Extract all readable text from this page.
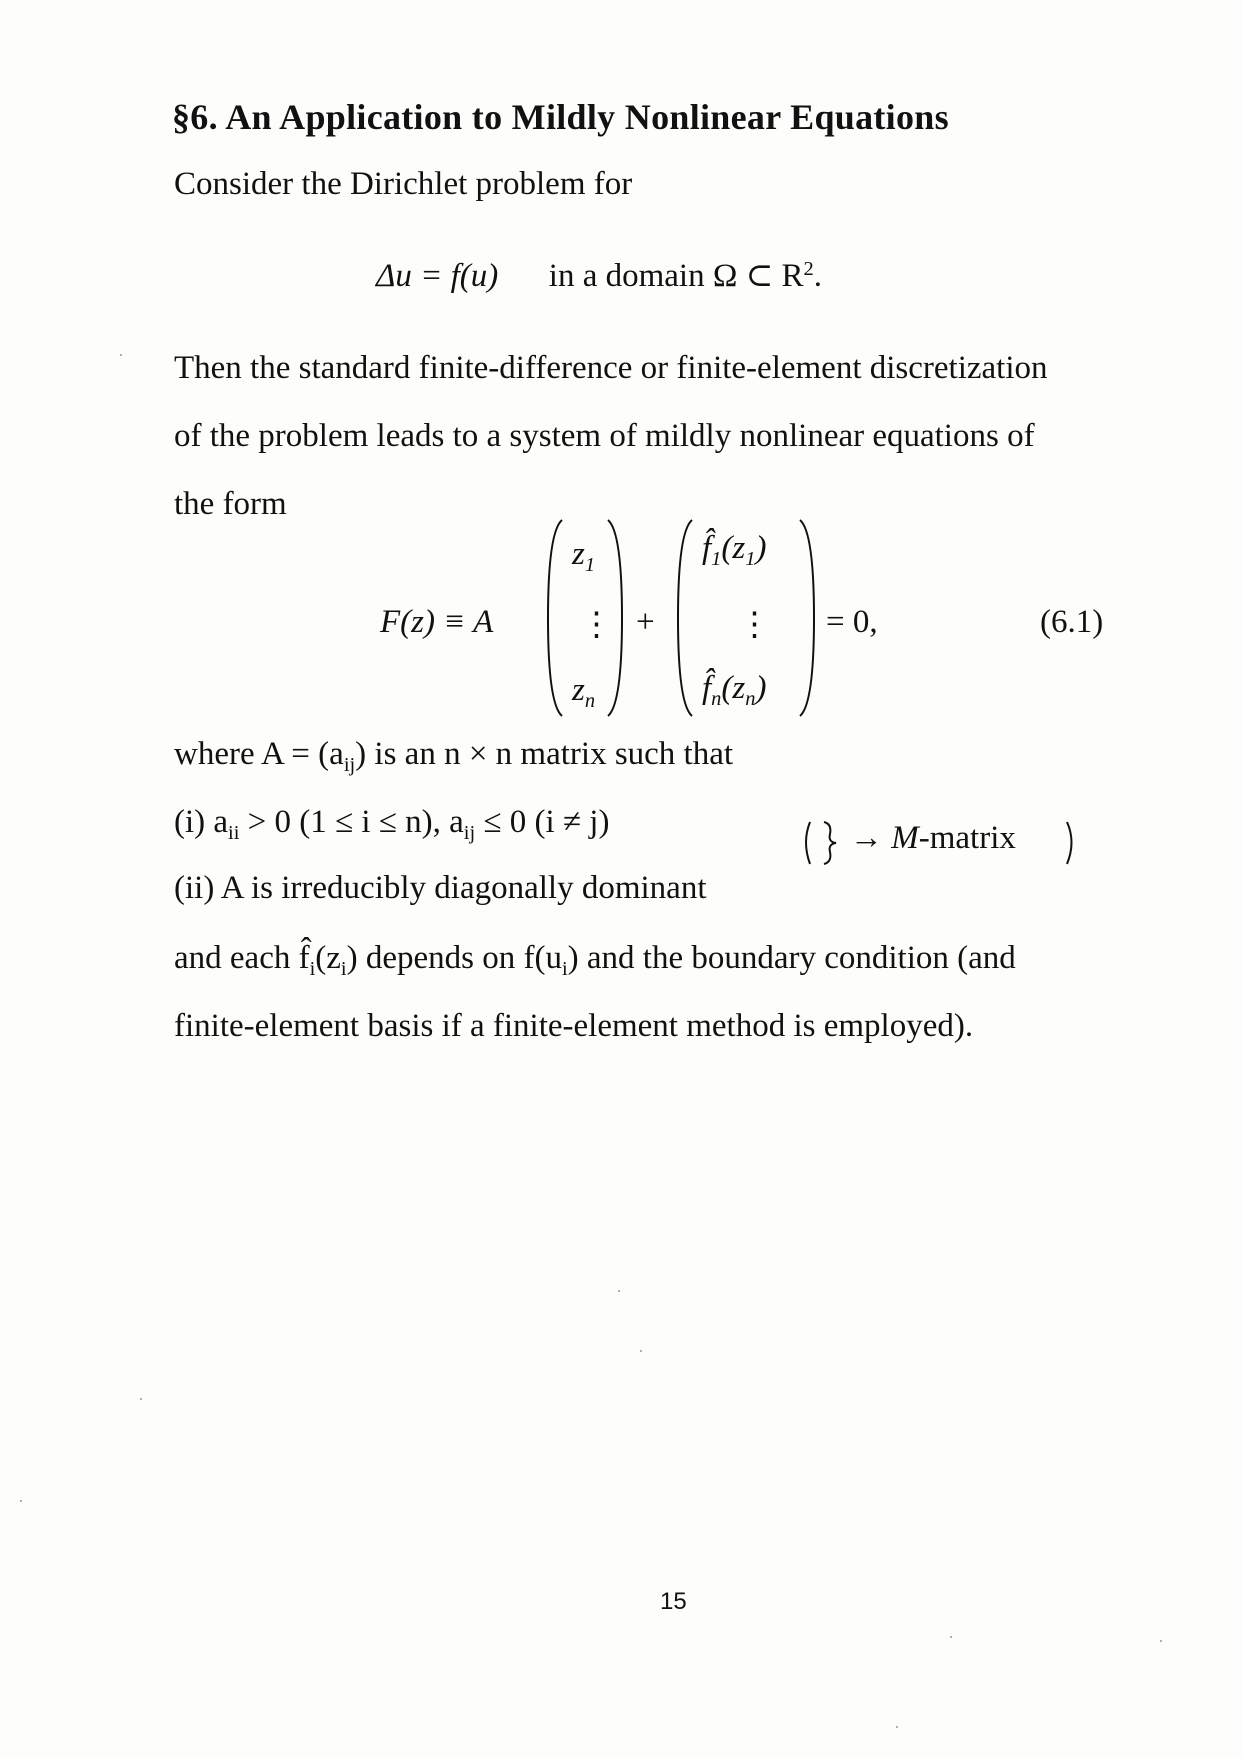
§6. An Application to Mildly Nonlinear Equations
Consider the Dirichlet problem for
Δu = f(u) in a domain Ω ⊂ $R^2$.
Then the standard finite-difference or finite-element discretization
of the problem leads to a system of mildly nonlinear equations of
the form
F(z) ≡ A
$z_1$
⋮
$z_n$
+
$f̂_1(z_1)$
⋮
$f̂_n(z_n)$
= 0,	(6.1)
where $A = (a_{ij})$ is an n × n matrix such that
(i) $a_{ii} > 0$ (1 ≤ i ≤ n), $a_{ij} \le 0$ (i ≠ j)
(ii) A is irreducibly diagonally dominant
→ M-matrix
and each $f̂_i(z_i)$ depends on $f(u_i)$ and the boundary condition (and
finite-element basis if a finite-element method is employed).
15
